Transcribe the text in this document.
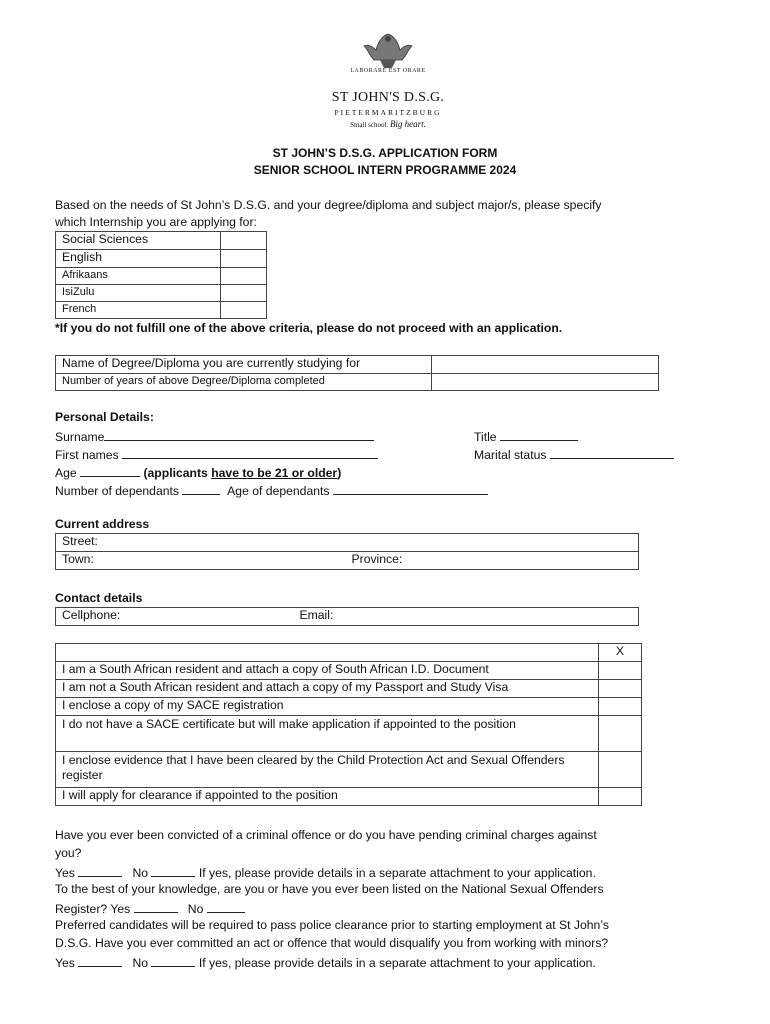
LABORARE EST ORARE
ST JOHN'S D.S.G.
PIETERMARITZBURG
Small school. Big heart.
ST JOHN’S D.S.G. APPLICATION FORM
SENIOR SCHOOL INTERN PROGRAMME 2024
Based on the needs of St John’s D.S.G. and your degree/diploma and subject major/s, please specify
which Internship you are applying for:
Social Sciences	
English	
Afrikaans	
IsiZulu	
French	
*If you do not fulfill one of the above criteria, please do not proceed with an application.
Name of Degree/Diploma you are currently studying for	
Number of years of above Degree/Diploma completed	
Personal Details:
Surname	Title
First names	Marital status
Age	(applicants have to be 21 or older)
Number of dependants	Age of dependants
Current address
Street:
Town:	Province:
Contact details
Cellphone:	Email:
	X
I am a South African resident and attach a copy of South African I.D. Document	
I am not a South African resident and attach a copy of my Passport and Study Visa	
I enclose a copy of my SACE registration	
I do not have a SACE certificate but will make application if appointed to the position	
I enclose evidence that I have been cleared by the Child Protection Act and Sexual Offenders register	
I will apply for clearance if appointed to the position	
Have you ever been convicted of a criminal offence or do you have pending criminal charges against
you?
Yes	No	If yes, please provide details in a separate attachment to your application.
To the best of your knowledge, are you or have you ever been listed on the National Sexual Offenders
Register? Yes	No
Preferred candidates will be required to pass police clearance prior to starting employment at St John’s
D.S.G. Have you ever committed an act or offence that would disqualify you from working with minors?
Yes	No	If yes, please provide details in a separate attachment to your application.
